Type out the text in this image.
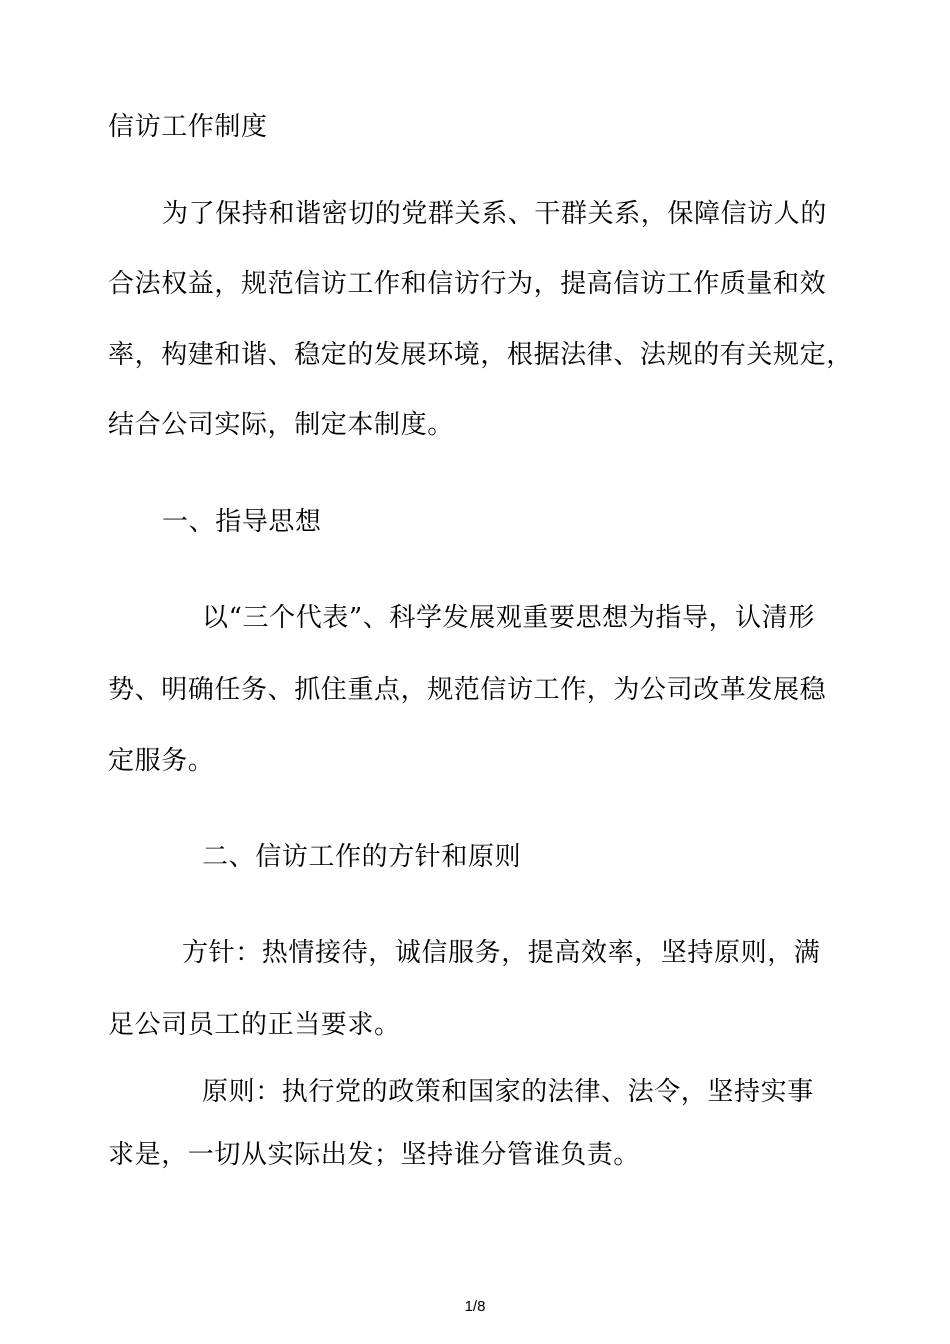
信访工作制度
为了保持和谐密切的党群关系、干群关系，保障信访人的
合法权益，规范信访工作和信访行为，提高信访工作质量和效
率，构建和谐、稳定的发展环境，根据法律、法规的有关规定，
结合公司实际，制定本制度。
一、指导思想
以“三个代表”、科学发展观重要思想为指导，认清形
势、明确任务、抓住重点，规范信访工作，为公司改革发展稳
定服务。
二、信访工作的方针和原则
方针：热情接待，诚信服务，提高效率，坚持原则，满
足公司员工的正当要求。
原则：执行党的政策和国家的法律、法令，坚持实事
求是，一切从实际出发；坚持谁分管谁负责。
1/8
